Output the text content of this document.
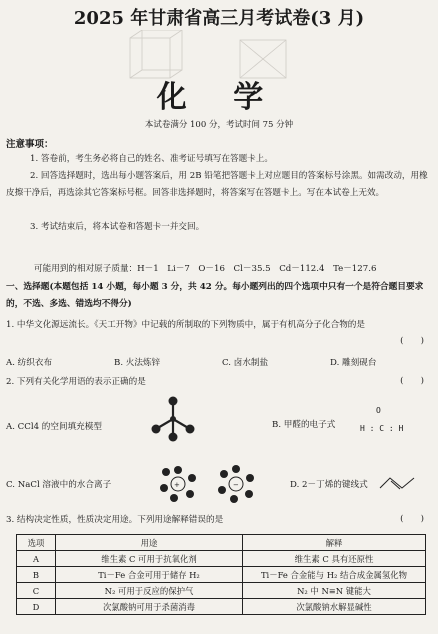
2025 年甘肃省高三月考试卷(3 月)
化 学
本试卷满分 100 分，考试时间 75 分钟
注意事项：
1. 答卷前，考生务必将自己的姓名、准考证号填写在答题卡上。
2. 回答选择题时，选出每小题答案后，用 2B 铅笔把答题卡上对应题目的答案标号涂黑。如需改动，用橡皮擦干净后，再选涂其它答案标号框。回答非选择题时，将答案写在答题卡上。写在本试卷上无效。
3. 考试结束后，将本试卷和答题卡一并交回。
可能用到的相对原子质量：H－1　Li－7　O－16　Cl－35.5　Cd－112.4　Te－127.6
一、选择题(本题包括 14 小题，每小题 3 分，共 42 分。每小题列出的四个选项中只有一个是符合题目要求的，不选、多选、错选均不得分)
1. 中华文化源远流长。《天工开物》中记载的所制取的下列物质中，属于有机高分子化合物的是
(　　)
A. 纺织衣布	B. 火法炼锌	C. 卤水制盐	D. 雕刻砚台
2. 下列有关化学用语的表示正确的是	(　　)
A. CCl4 的空间填充模型	B. 甲醛的电子式
O
H : C : H
C. NaCl 溶液中的水合离子	+	−	D. 2－丁烯的键线式
3. 结构决定性质，性质决定用途。下列用途解释错误的是	(　　)
选项	用途	解释
A	维生素 C 可用于抗氧化剂	维生素 C 具有还原性
B	Ti－Fe 合金可用于储存 H₂	Ti－Fe 合金能与 H₂ 结合成金属氢化物
C	N₂ 可用于反应的保护气	N₂ 中 N≡N 键能大
D	次氯酸钠可用于杀菌消毒	次氯酸钠水解显碱性
